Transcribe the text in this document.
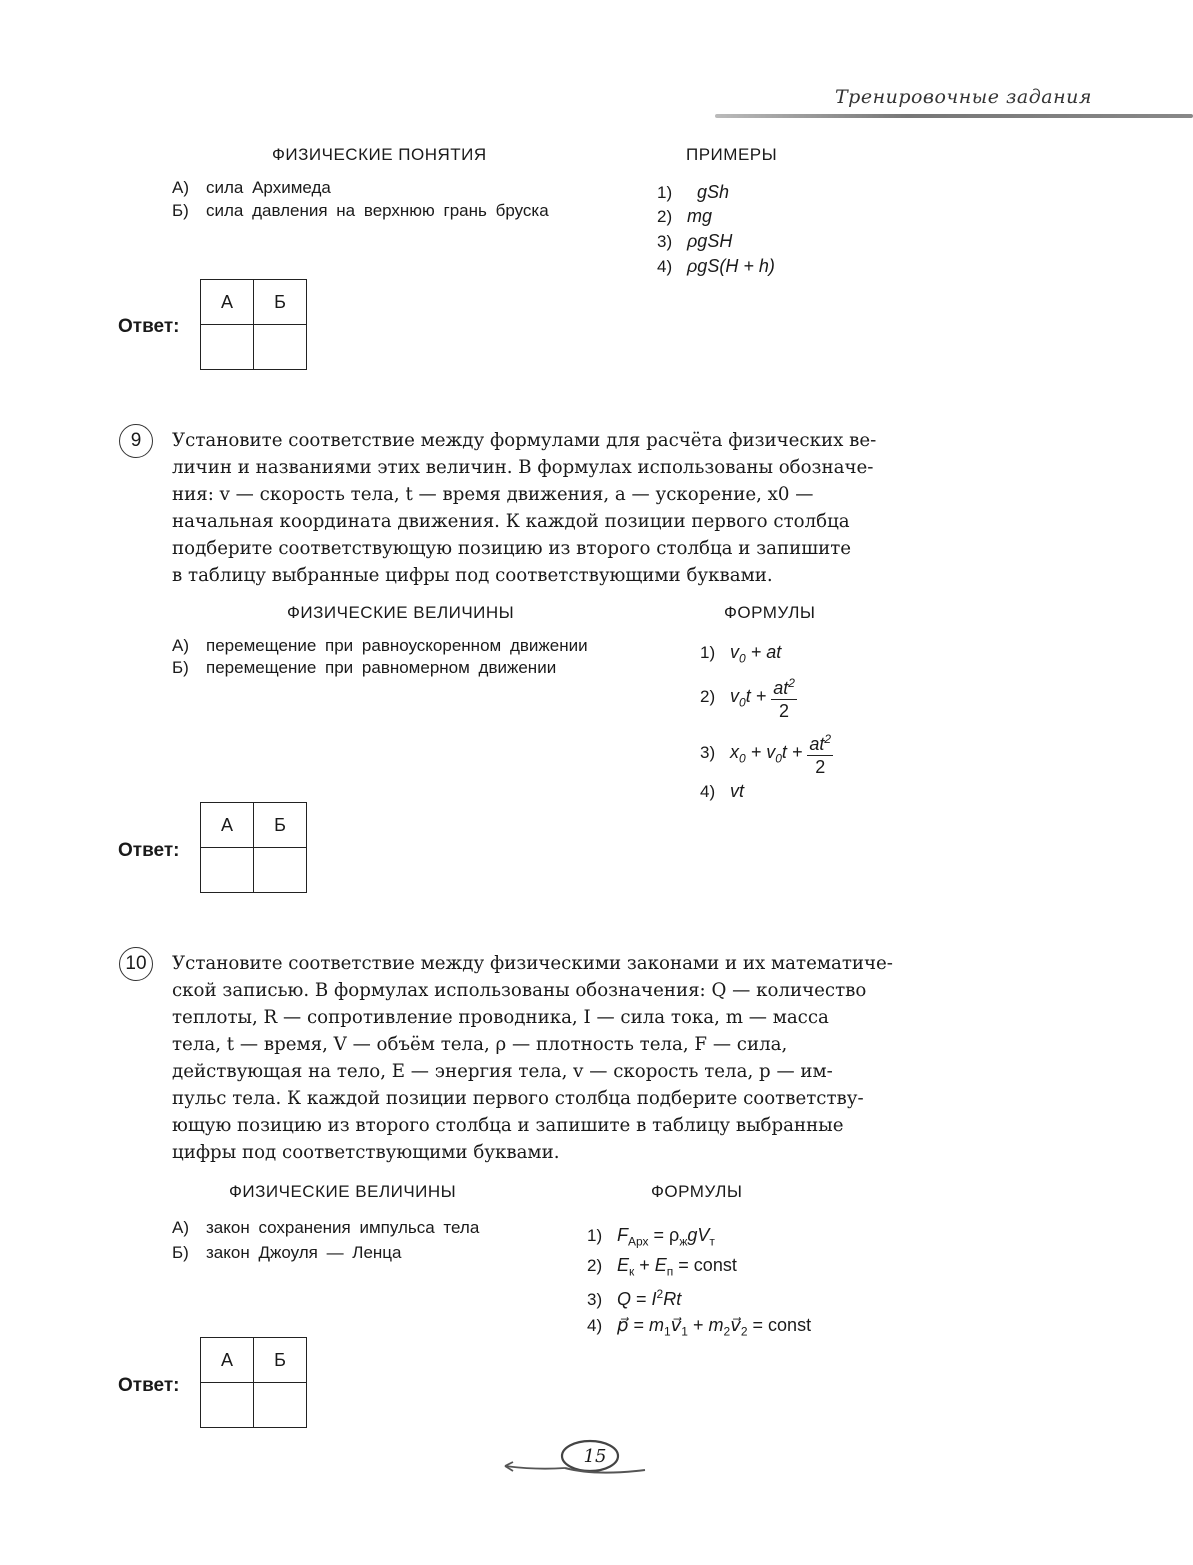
Тренировочные задания
ФИЗИЧЕСКИЕ ПОНЯТИЯ	ПРИМЕРЫ
А) сила Архимеда
Б) сила давления на верхнюю грань бруска
1) gSh
2) mg
3) ρgSH
4) ρgS(H + h)
Ответ:
А	Б

9 Установите соответствие между формулами для расчёта физических ве-
личин и названиями этих величин. В формулах использованы обозначе-
ния: v — скорость тела, t — время движения, a — ускорение, x0 —
начальная координата движения. К каждой позиции первого столбца
подберите соответствующую позицию из второго столбца и запишите
в таблицу выбранные цифры под соответствующими буквами.
ФИЗИЧЕСКИЕ ВЕЛИЧИНЫ	ФОРМУЛЫ
А) перемещение при равноускоренном движении
Б) перемещение при равномерном движении
1) $v_0$ + at
2) $v_0t + \frac{at^2}{2}$
3) $x_0 + v_0t + \frac{at^2}{2}$
4) vt
Ответ:
А	Б

10 Установите соответствие между физическими законами и их математиче-
ской записью. В формулах использованы обозначения: Q — количество
теплоты, R — сопротивление проводника, I — сила тока, m — масса
тела, t — время, V — объём тела, ρ — плотность тела, F — сила,
действующая на тело, E — энергия тела, v — скорость тела, p — им-
пульс тела. К каждой позиции первого столбца подберите соответству-
ющую позицию из второго столбца и запишите в таблицу выбранные
цифры под соответствующими буквами.
ФИЗИЧЕСКИЕ ВЕЛИЧИНЫ	ФОРМУЛЫ
А) закон сохранения импульса тела
Б) закон Джоуля — Ленца
1) $F_{Арх} = \rho_жgV_т$
2) $E_к + E_п$ = const
3) $Q = I^2Rt$
4) p⃗ = $m_1v⃗_1$ + $m_2v⃗_2$ = const
Ответ:
А	Б

15
